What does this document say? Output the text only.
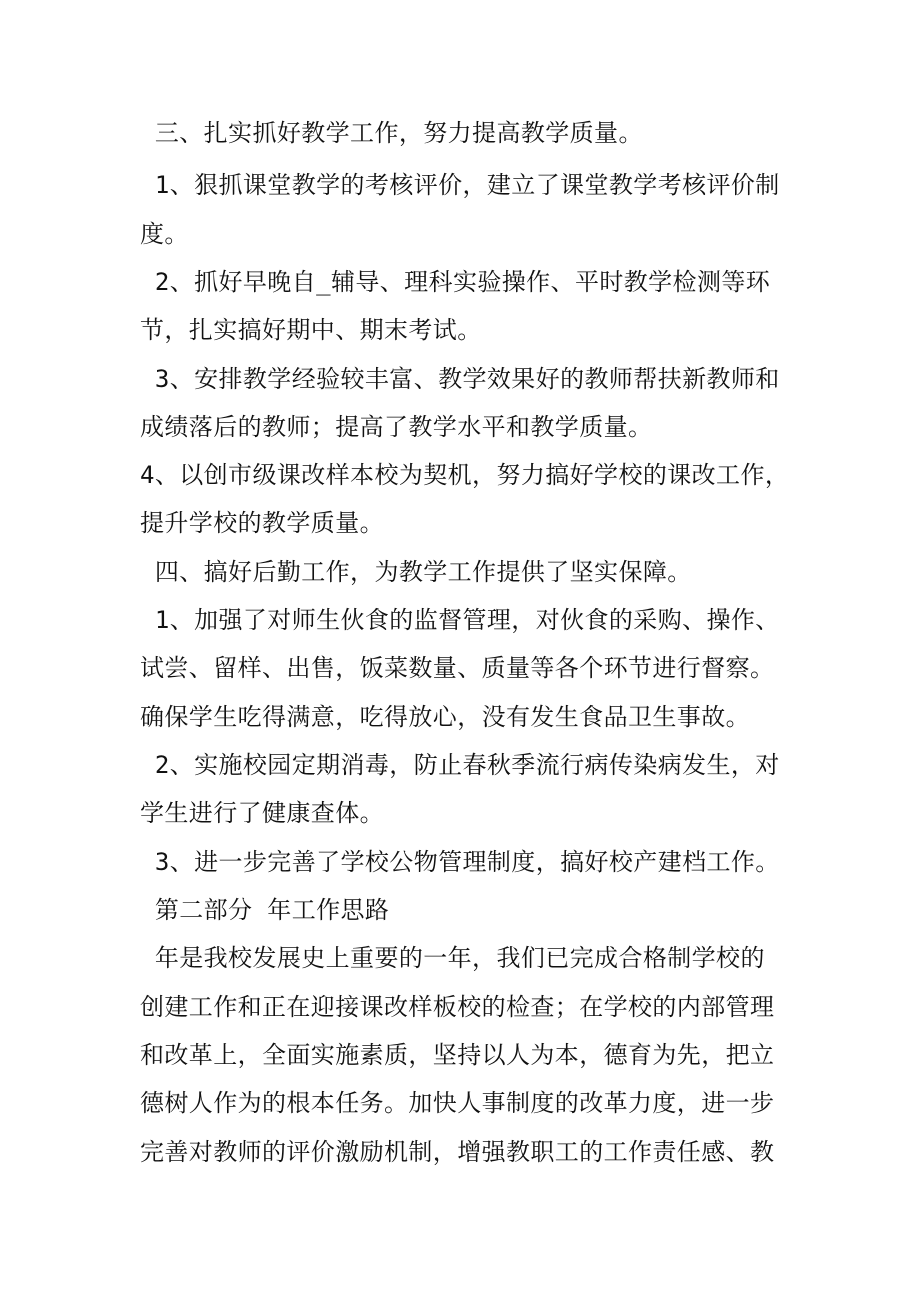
三、扎实抓好教学工作，努力提高教学质量。
1、狠抓课堂教学的考核评价，建立了课堂教学考核评价制
度。
2、抓好早晚自_辅导、理科实验操作、平时教学检测等环
节，扎实搞好期中、期末考试。
3、安排教学经验较丰富、教学效果好的教师帮扶新教师和
成绩落后的教师；提高了教学水平和教学质量。
4、以创市级课改样本校为契机，努力搞好学校的课改工作，
提升学校的教学质量。
四、搞好后勤工作，为教学工作提供了坚实保障。
1、加强了对师生伙食的监督管理，对伙食的采购、操作、
试尝、留样、出售，饭菜数量、质量等各个环节进行督察。
确保学生吃得满意，吃得放心，没有发生食品卫生事故。
2、实施校园定期消毒，防止春秋季流行病传染病发生，对
学生进行了健康查体。
3、进一步完善了学校公物管理制度，搞好校产建档工作。
第二部分 年工作思路
年是我校发展史上重要的一年，我们已完成合格制学校的
创建工作和正在迎接课改样板校的检查；在学校的内部管理
和改革上，全面实施素质，坚持以人为本，德育为先，把立
德树人作为的根本任务。加快人事制度的改革力度，进一步
完善对教师的评价激励机制，增强教职工的工作责任感、教
